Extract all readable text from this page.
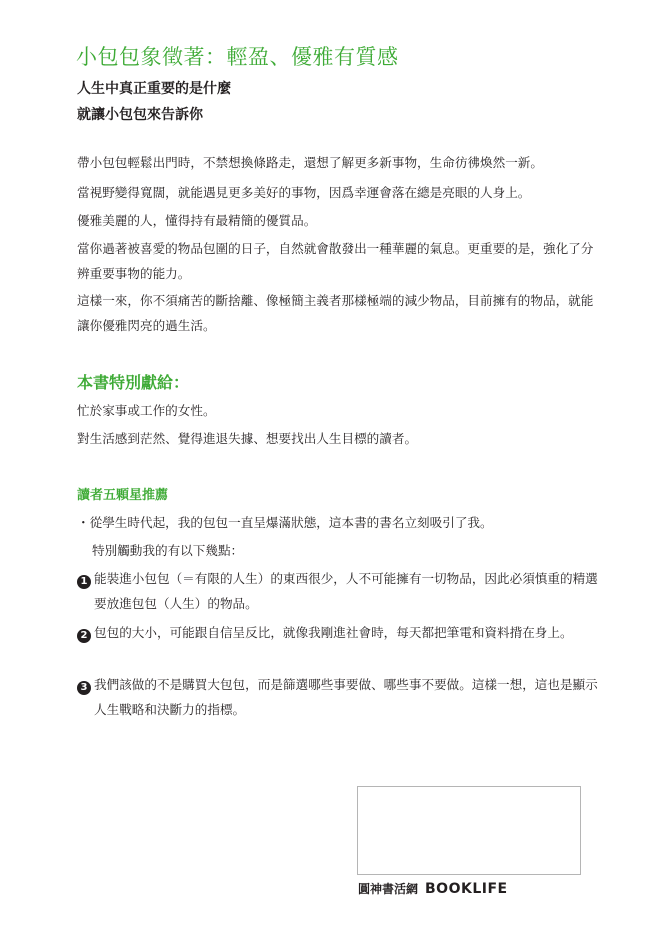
小包包象徵著：輕盈、優雅有質感
人生中真正重要的是什麼
就讓小包包來告訴你

帶小包包輕鬆出門時，不禁想換條路走，還想了解更多新事物，生命彷彿煥然一新。

當視野變得寬闊，就能遇見更多美好的事物，因爲幸運會落在總是亮眼的人身上。

優雅美麗的人，懂得持有最精簡的優質品。

當你過著被喜愛的物品包圍的日子，自然就會散發出一種華麗的氣息。更重要的是，強化了分辨重要事物的能力。

這樣一來，你不須痛苦的斷捨離、像極簡主義者那樣極端的減少物品，目前擁有的物品，就能讓你優雅閃亮的過生活。

本書特別獻給：
忙於家事或工作的女性。
對生活感到茫然、覺得進退失據、想要找出人生目標的讀者。
讀者五顆星推薦
・從學生時代起，我的包包一直呈爆滿狀態，這本書的書名立刻吸引了我。
特別觸動我的有以下幾點：

1 能裝進小包包（＝有限的人生）的東西很少，人不可能擁有一切物品，因此必須慎重的精選要放進包包（人生）的物品。

2 包包的大小，可能跟自信呈反比，就像我剛進社會時，每天都把筆電和資料揹在身上。

3 我們該做的不是購買大包包，而是篩選哪些事要做、哪些事不要做。這樣一想，這也是顯示人生戰略和決斷力的指標。

圓神書活網 BOOKLIFE
